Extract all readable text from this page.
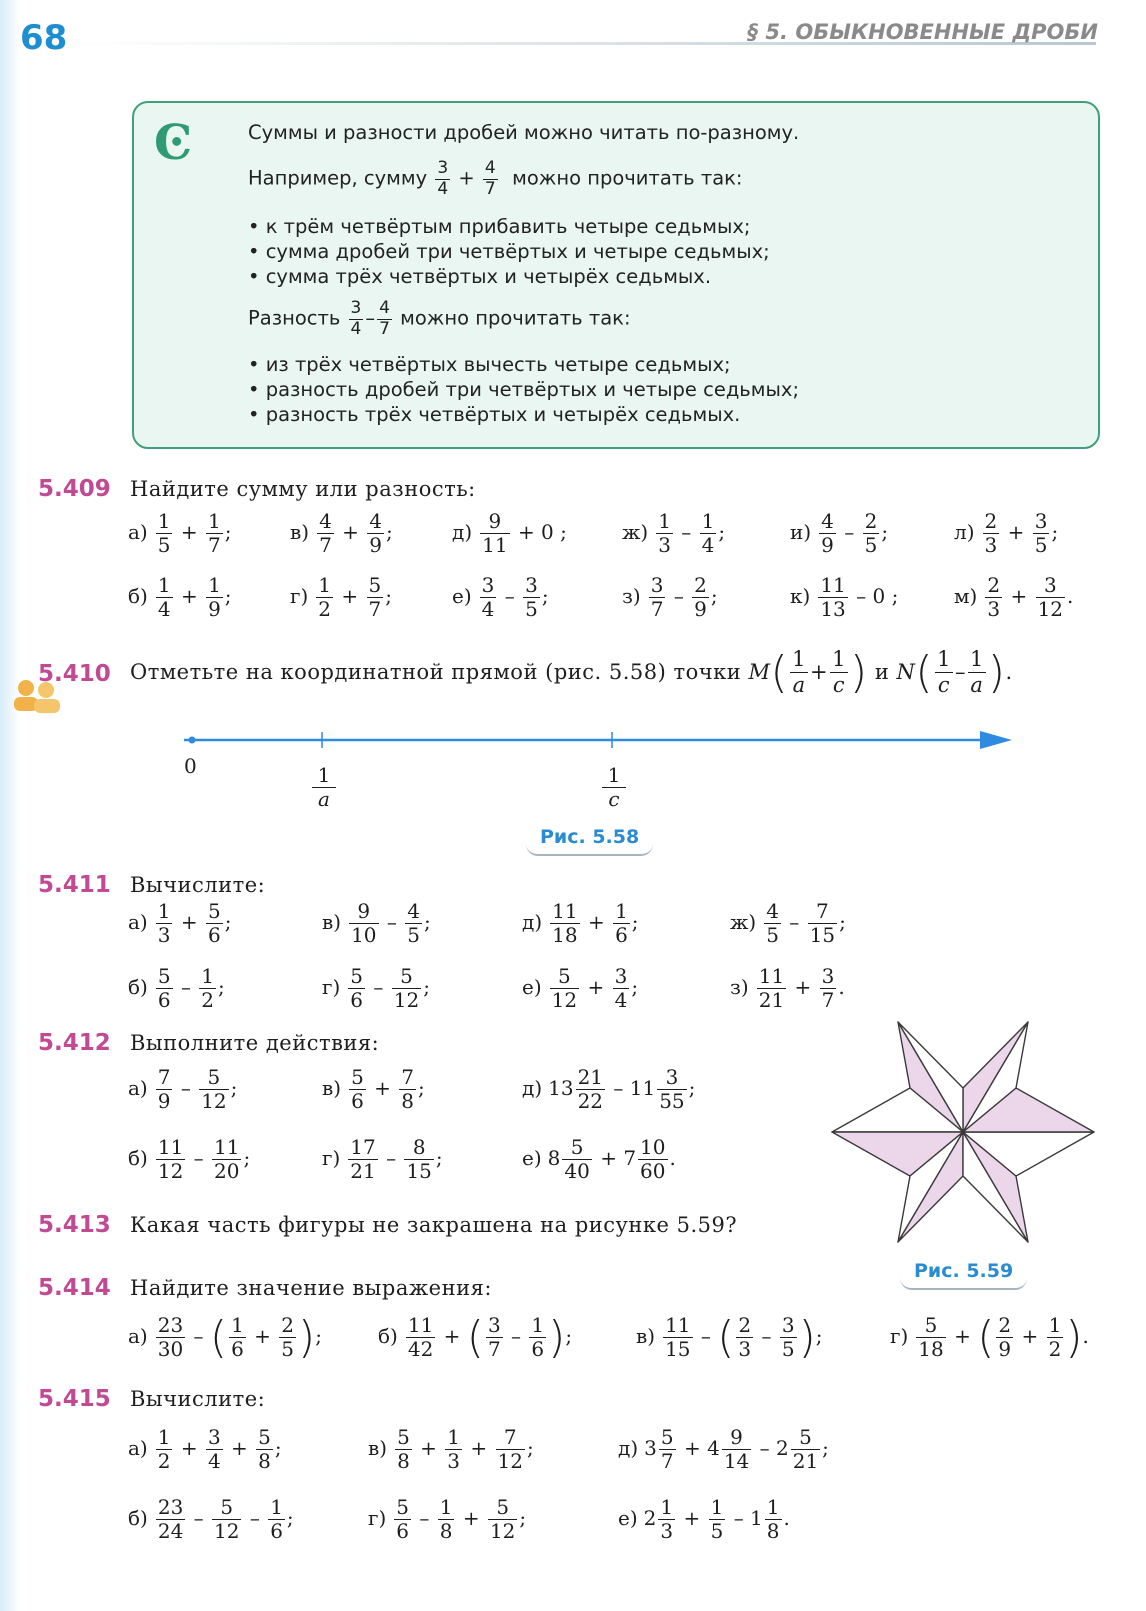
68	§ 5. ОБЫКНОВЕННЫЕ ДРОБИ
Ͼ	Суммы и разности дробей можно читать по-разному.
Например, сумму $\frac{3}{4} + \frac{4}{7}$ можно прочитать так:
• к трём четвёртым прибавить четыре седьмых;
• сумма дробей три четвёртых и четыре седьмых;
• сумма трёх четвёртых и четырёх седьмых.
Разность $\frac{3}{4} - \frac{4}{7}$ можно прочитать так:
• из трёх четвёртых вычесть четыре седьмых;
• разность дробей три четвёртых и четыре седьмых;
• разность трёх четвёртых и четырёх седьмых.
5.409 Найдите сумму или разность:
$а) \frac{1}{5} + \frac{1}{7}$ ;	$в) \frac{4}{7} + \frac{4}{9}$ ;	$д) \frac{9}{11} + 0$ ;	$ж) \frac{1}{3} - \frac{1}{4}$ ;	$и) \frac{4}{9} - \frac{2}{5}$ ;	$л) \frac{2}{3} + \frac{3}{5}$ ;
$б) \frac{1}{4} + \frac{1}{9}$ ;	$г) \frac{1}{2} + \frac{5}{7}$ ;	$е) \frac{3}{4} - \frac{3}{5}$ ;	$з) \frac{3}{7} - \frac{2}{9}$ ;	$к) \frac{11}{13} - 0$ ;	$м) \frac{2}{3} + \frac{3}{12}$ .
5.410 Отметьте на координатной прямой (рис. 5.58) точки
M ( $\frac{1}{a} + \frac{1}{c}$ )
и
N ( $\frac{1}{c} - \frac{1}{a}$ ) .
0	$\frac{1}{a}$	$\frac{1}{c}$
Рис. 5.58
5.411 Вычислите:
$а) \frac{1}{3} + \frac{5}{6}$ ;	$в) \frac{9}{10} - \frac{4}{5}$ ;	$д) \frac{11}{18} + \frac{1}{6}$ ;	$ж) \frac{4}{5} - \frac{7}{15}$ ;
$б) \frac{5}{6} - \frac{1}{2}$ ;	$г) \frac{5}{6} - \frac{5}{12}$ ;	$е) \frac{5}{12} + \frac{3}{4}$ ;	$з) \frac{11}{21} + \frac{3}{7}$ .
5.412 Выполните действия:
$а) \frac{7}{9} - \frac{5}{12}$ ;	$в) \frac{5}{6} + \frac{7}{8}$ ;	д) $13 \frac{21}{22} - 11 \frac{3}{55}$ ;
$б) \frac{11}{12} - \frac{11}{20}$ ;	$г) \frac{17}{21} - \frac{8}{15}$ ;	е) $8 \frac{5}{40} + 7 \frac{10}{60}$ .
5.413 Какая часть фигуры не закрашена на рисунке 5.59?
Рис. 5.59
5.414 Найдите значение выражения:
$а) \frac{23}{30}$ – ( $\frac{1}{6} + \frac{2}{5}$ );	$б) \frac{11}{42}$ + ( $\frac{3}{7} - \frac{1}{6}$ );	$в) \frac{11}{15}$ – ( $\frac{2}{3} - \frac{3}{5}$ );	$г) \frac{5}{18}$ + ( $\frac{2}{9} + \frac{1}{2}$ ).
5.415 Вычислите:
$а) \frac{1}{2} + \frac{3}{4} + \frac{5}{8}$ ;	$в) \frac{5}{8} + \frac{1}{3} + \frac{7}{12}$ ;	д) $3 \frac{5}{7} + 4 \frac{9}{14} - 2 \frac{5}{21}$ ;
$б) \frac{23}{24} - \frac{5}{12} - \frac{1}{6}$ ;	$г) \frac{5}{6} - \frac{1}{8} + \frac{5}{12}$ ;	е) $2 \frac{1}{3} + \frac{1}{5} - 1 \frac{1}{8}$ .
